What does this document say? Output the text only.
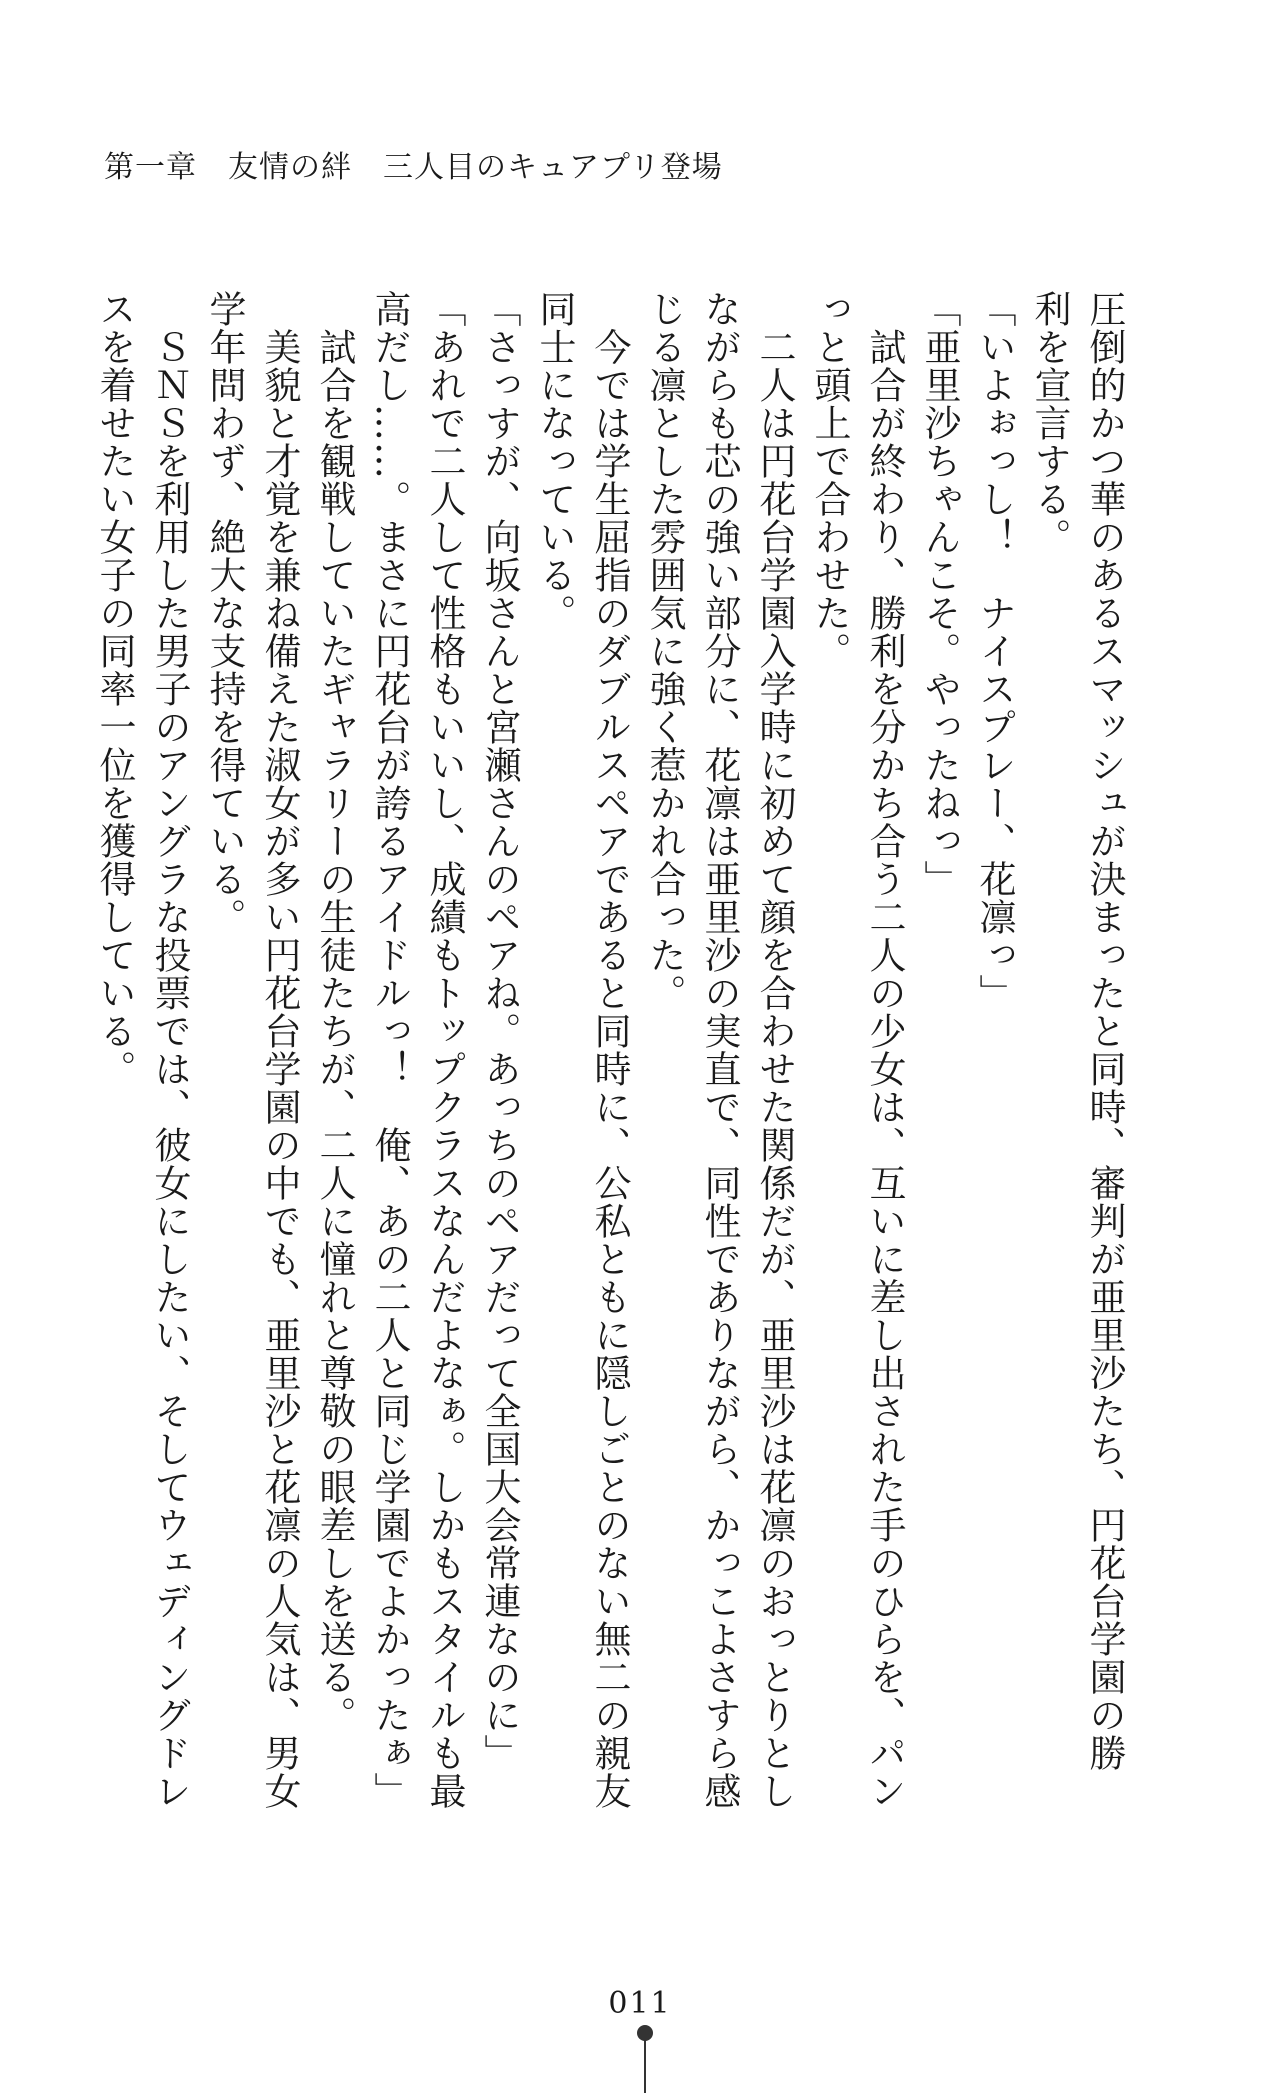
第一章　友情の絆　三人目のキュアプリ登場

圧倒的かつ華のあるスマッシュが決まったと同時、審判が亜里沙たち、円花台学園の勝

利を宣言する。

「いよぉっし！　ナイスプレー、花凛っ」

「亜里沙ちゃんこそ。やったねっ」

　試合が終わり、勝利を分かち合う二人の少女は、互いに差し出された手のひらを、パン

っと頭上で合わせた。

　二人は円花台学園入学時に初めて顔を合わせた関係だが、亜里沙は花凛のおっとりとし

ながらも芯の強い部分に、花凛は亜里沙の実直で、同性でありながら、かっこよさすら感

じる凛とした雰囲気に強く惹かれ合った。

　今では学生屈指のダブルスペアであると同時に、公私ともに隠しごとのない無二の親友

同士になっている。

「さっすが、向坂さんと宮瀬さんのペアね。あっちのペアだって全国大会常連なのに」

「あれで二人して性格もいいし、成績もトップクラスなんだよなぁ。しかもスタイルも最

高だし……。まさに円花台が誇るアイドルっ！　俺、あの二人と同じ学園でよかったぁ」

　試合を観戦していたギャラリーの生徒たちが、二人に憧れと尊敬の眼差しを送る。

　美貌と才覚を兼ね備えた淑女が多い円花台学園の中でも、亜里沙と花凛の人気は、男女

学年問わず、絶大な支持を得ている。

　ＳＮＳを利用した男子のアングラな投票では、彼女にしたい、そしてウェディングドレ

スを着せたい女子の同率一位を獲得している。

011
